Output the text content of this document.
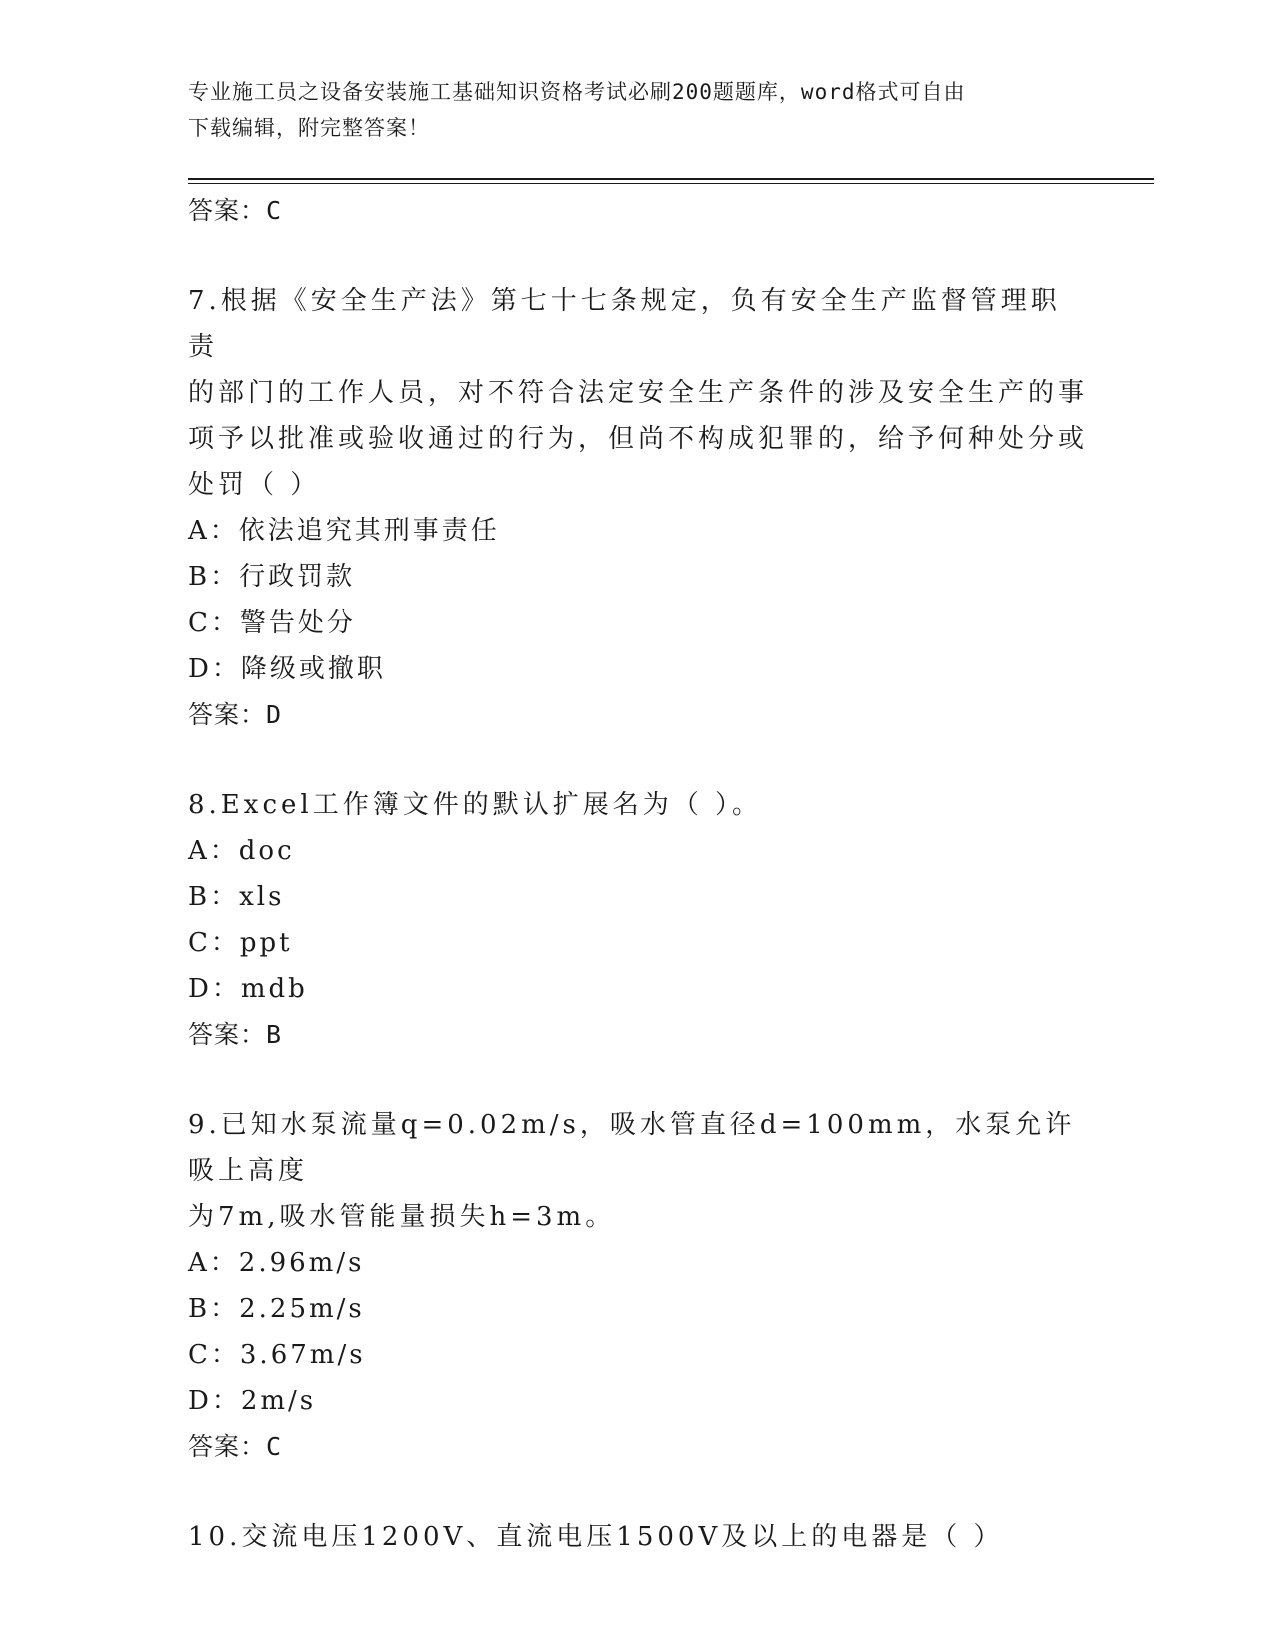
专业施工员之设备安装施工基础知识资格考试必刷200题题库，word格式可自由
下载编辑，附完整答案！
答案：C

7.根据《安全生产法》第七十七条规定，负有安全生产监督管理职责

的部门的工作人员，对不符合法定安全生产条件的涉及安全生产的事

项予以批准或验收通过的行为，但尚不构成犯罪的，给予何种处分或

处罚（ ）

A：依法追究其刑事责任
B：行政罚款
C：警告处分
D：降级或撤职
答案：D

8.Excel工作簿文件的默认扩展名为（ ）。

A：doc
B：xls
C：ppt
D：mdb
答案：B

9.已知水泵流量q=0.02m/s，吸水管直径d=100mm，水泵允许吸上高度

为7m,吸水管能量损失h=3m。

A：2.96m/s
B：2.25m/s
C：3.67m/s
D：2m/s
答案：C

10.交流电压1200V、直流电压1500V及以上的电器是（ ）
